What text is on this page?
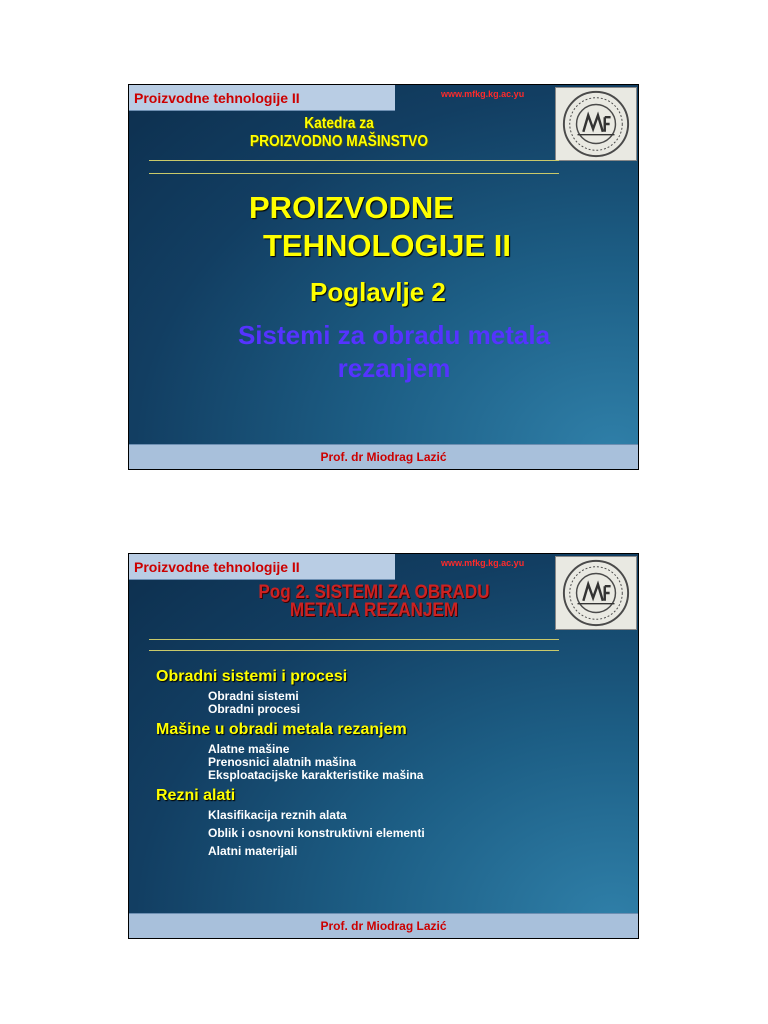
Proizvodne tehnologije II	www.mfkg.kg.ac.yu
Katedra za
PROIZVODNO MAŠINSTVO
PROIZVODNE
TEHNOLOGIJE II
Poglavlje 2
Sistemi za obradu metala
rezanjem
Prof. dr Miodrag Lazić
Proizvodne tehnologije II	www.mfkg.kg.ac.yu
Pog 2. SISTEMI ZA OBRADU
METALA REZANJEM
Obradni sistemi i procesi
Obradni sistemi
Obradni procesi
Mašine u obradi metala rezanjem
Alatne mašine
Prenosnici alatnih mašina
Eksploatacijske karakteristike mašina
Rezni alati
Klasifikacija reznih alata
Oblik i osnovni konstruktivni elementi
Alatni materijali
Prof. dr Miodrag Lazić
